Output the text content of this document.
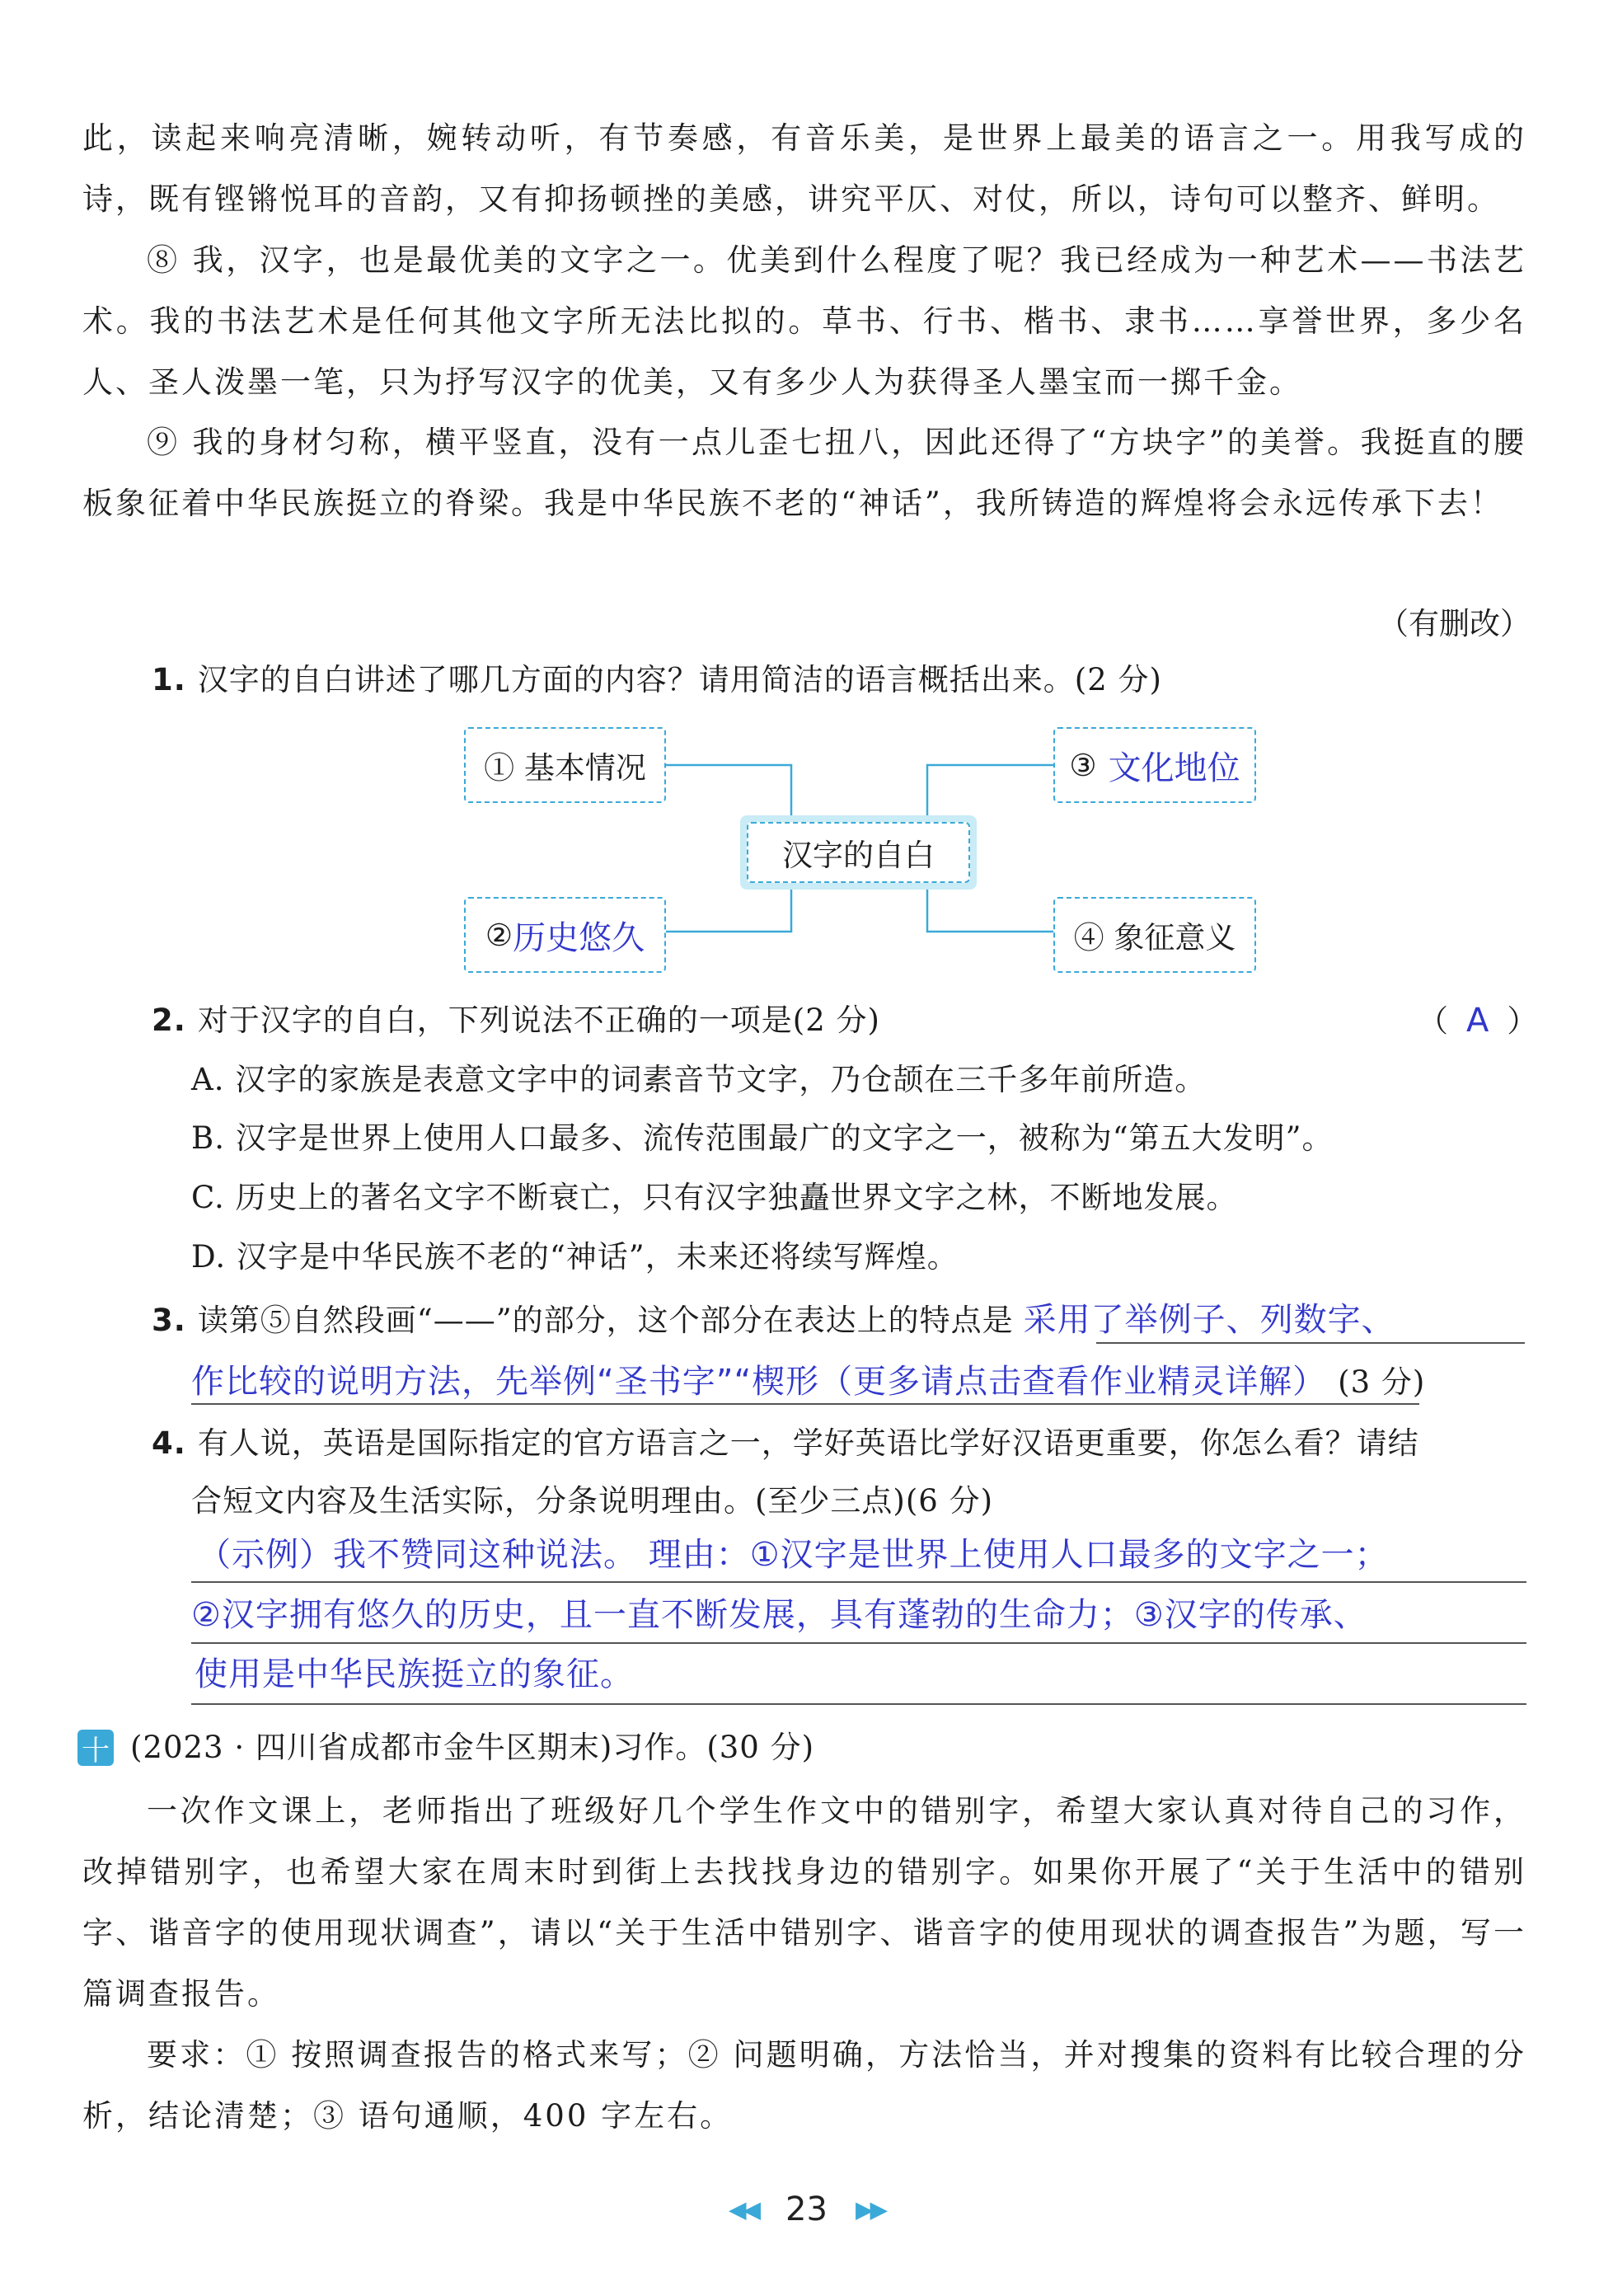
此，读起来响亮清晰，婉转动听，有节奏感，有音乐美，是世界上最美的语言之一。用我写成的诗，既有铿锵悦耳的音韵，又有抑扬顿挫的美感，讲究平仄、对仗，所以，诗句可以整齐、鲜明。

⑧ 我，汉字，也是最优美的文字之一。优美到什么程度了呢？我已经成为一种艺术——书法艺术。我的书法艺术是任何其他文字所无法比拟的。草书、行书、楷书、隶书……享誉世界，多少名人、圣人泼墨一笔，只为抒写汉字的优美，又有多少人为获得圣人墨宝而一掷千金。

⑨ 我的身材匀称，横平竖直，没有一点儿歪七扭八，因此还得了“方块字”的美誉。我挺直的腰板象征着中华民族挺立的脊梁。我是中华民族不老的“神话”，我所铸造的辉煌将会永远传承下去！

（有删改）
1. 汉字的自白讲述了哪几方面的内容？请用简洁的语言概括出来。(2 分)
① 基本情况
② 历史悠久
③ 文化地位
④ 象征意义
汉字的自白
2. 对于汉字的自白，下列说法不正确的一项是(2 分)	（ A ）
A. 汉字的家族是表意文字中的词素音节文字，乃仓颉在三千多年前所造。
B. 汉字是世界上使用人口最多、流传范围最广的文字之一，被称为“第五大发明”。
C. 历史上的著名文字不断衰亡，只有汉字独矗世界文字之林，不断地发展。
D. 汉字是中华民族不老的“神话”，未来还将续写辉煌。
3. 读第⑤自然段画“——”的部分，这个部分在表达上的特点是 采用了举例子、列数字、
作比较的说明方法，先举例“圣书字”“楔形（更多请点击查看作业精灵详解） (3 分)
4. 有人说，英语是国际指定的官方语言之一，学好英语比学好汉语更重要，你怎么看？请结
合短文内容及生活实际，分条说明理由。(至少三点)(6 分)
（示例）我不赞同这种说法。 理由：①汉字是世界上使用人口最多的文字之一；
②汉字拥有悠久的历史，且一直不断发展，具有蓬勃的生命力；③汉字的传承、
使用是中华民族挺立的象征。
十 (2023 · 四川省成都市金牛区期末)习作。(30 分)

一次作文课上，老师指出了班级好几个学生作文中的错别字，希望大家认真对待自己的习作，改掉错别字，也希望大家在周末时到街上去找找身边的错别字。如果你开展了“关于生活中的错别字、谐音字的使用现状调查”，请以“关于生活中错别字、谐音字的使用现状的调查报告”为题，写一篇调查报告。

要求：① 按照调查报告的格式来写；② 问题明确，方法恰当，并对搜集的资料有比较合理的分析，结论清楚；③ 语句通顺，400 字左右。

◀◀ 23 ▶▶
